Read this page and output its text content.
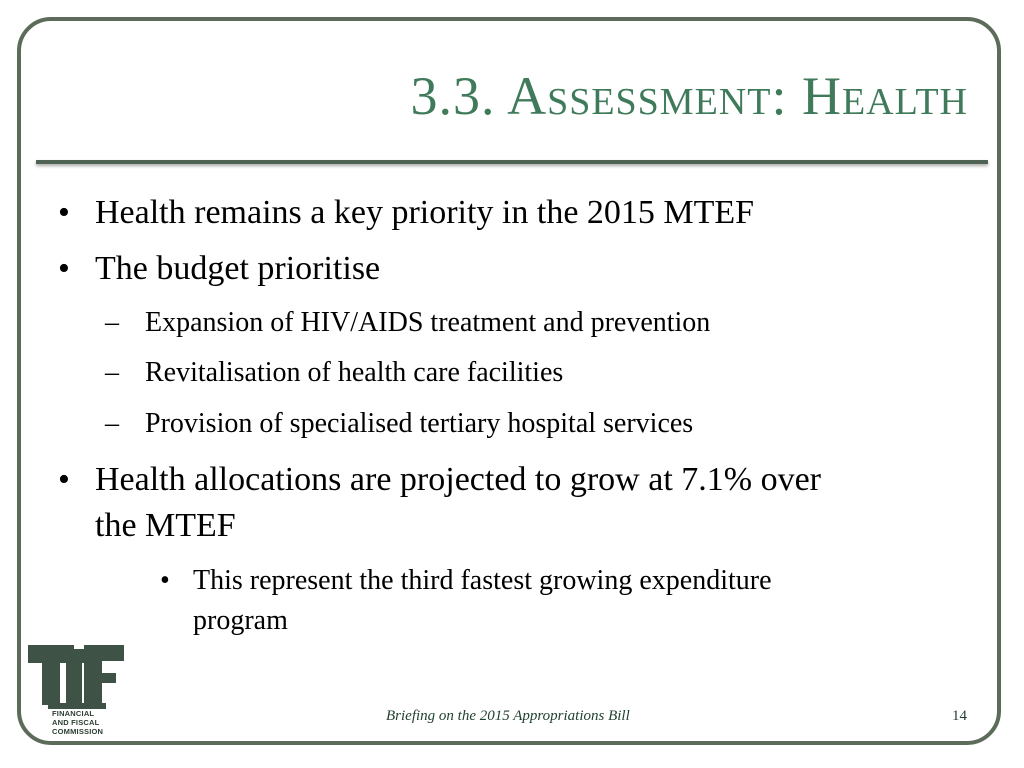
3.3. Assessment: Health
• Health remains a key priority in the 2015 MTEF
• The budget prioritise
– Expansion of HIV/AIDS treatment and prevention
– Revitalisation of health care facilities
– Provision of specialised tertiary hospital services
• Health allocations are projected to grow at 7.1% over
the MTEF
• This represent the third fastest growing expenditure
program
FINANCIAL
AND FISCAL
COMMISSION
Briefing on the 2015 Appropriations Bill	14
